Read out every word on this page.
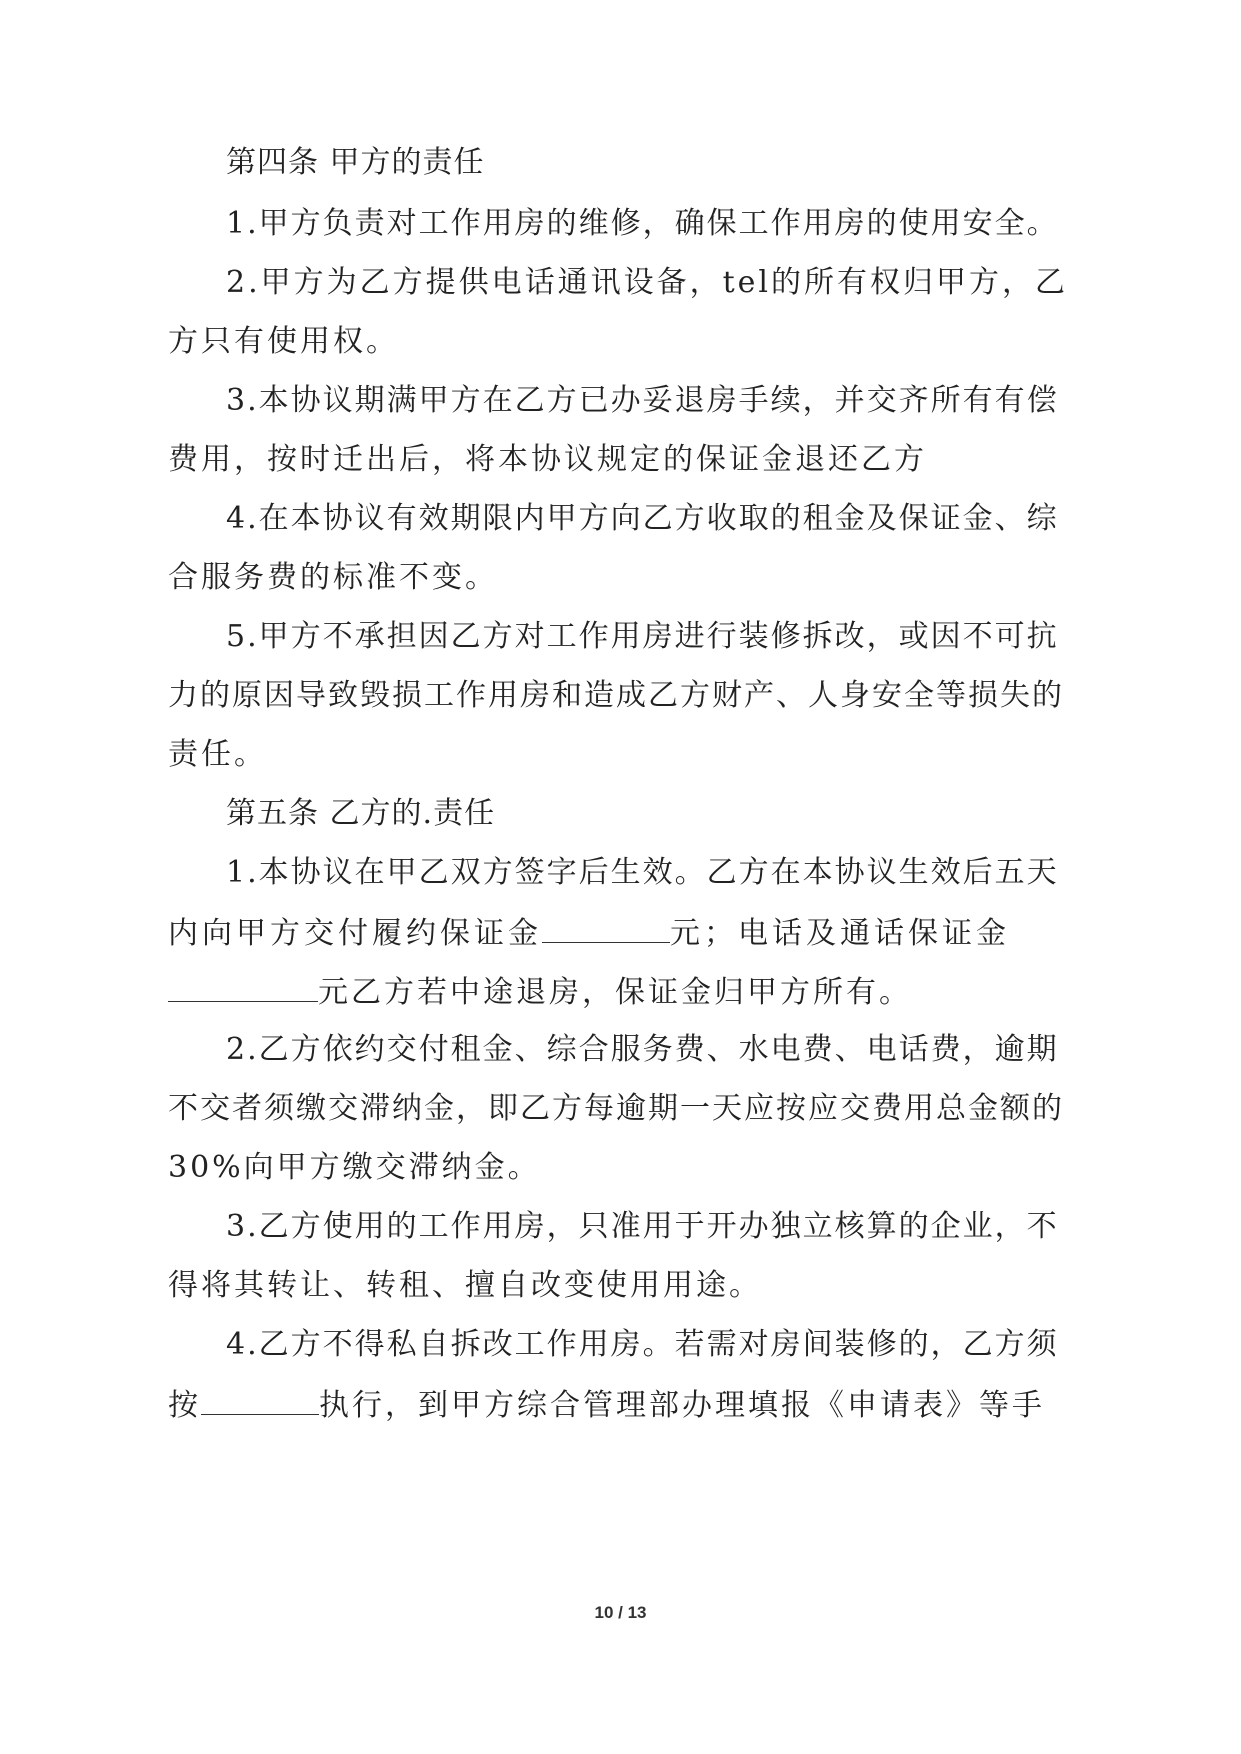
第四条 甲方的责任
1.甲方负责对工作用房的维修，确保工作用房的使用安全。
2.甲方为乙方提供电话通讯设备，tel的所有权归甲方，乙
方只有使用权。
3.本协议期满甲方在乙方已办妥退房手续，并交齐所有有偿
费用，按时迁出后，将本协议规定的保证金退还乙方
4.在本协议有效期限内甲方向乙方收取的租金及保证金、综
合服务费的标准不变。
5.甲方不承担因乙方对工作用房进行装修拆改，或因不可抗
力的原因导致毁损工作用房和造成乙方财产、人身安全等损失的
责任。
第五条 乙方的.责任
1.本协议在甲乙双方签字后生效。乙方在本协议生效后五天
内向甲方交付履约保证金	元；电话及通话保证金
元乙方若中途退房，保证金归甲方所有。
2.乙方依约交付租金、综合服务费、水电费、电话费，逾期
不交者须缴交滞纳金，即乙方每逾期一天应按应交费用总金额的
30%向甲方缴交滞纳金。
3.乙方使用的工作用房，只准用于开办独立核算的企业，不
得将其转让、转租、擅自改变使用用途。
4.乙方不得私自拆改工作用房。若需对房间装修的，乙方须
按	执行，到甲方综合管理部办理填报《申请表》等手
10 / 13
